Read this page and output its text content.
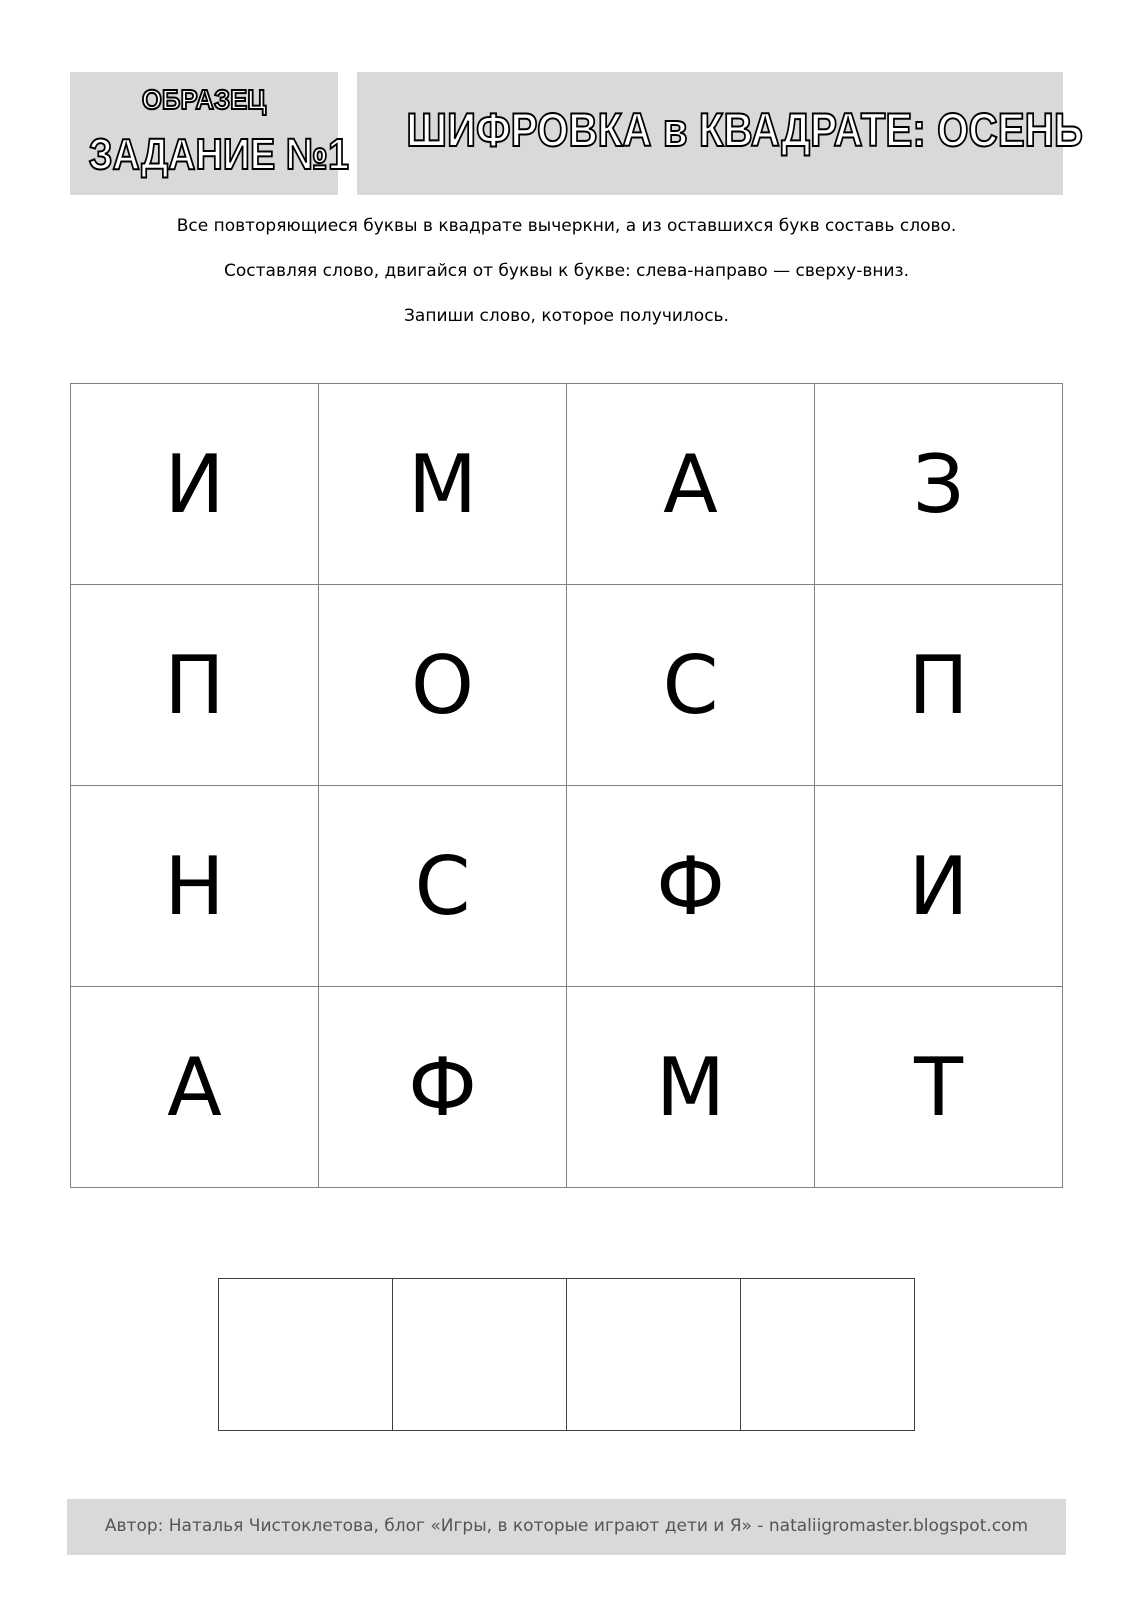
ОБРАЗЕЦ
ЗАДАНИЕ №1 ШИФРОВКА в КВАДРАТЕ: ОСЕНЬ
Все повторяющиеся буквы в квадрате вычеркни, а из оставшихся букв составь слово.
Составляя слово, двигайся от буквы к букве: слева-направо — сверху-вниз.
Запиши слово, которое получилось.
И	М	А	З
П	О	С	П
Н	С	Ф	И
А	Ф	М	Т

Автор: Наталья Чистоклетова, блог «Игры, в которые играют дети и Я» - nataliigromaster.blogspot.com
